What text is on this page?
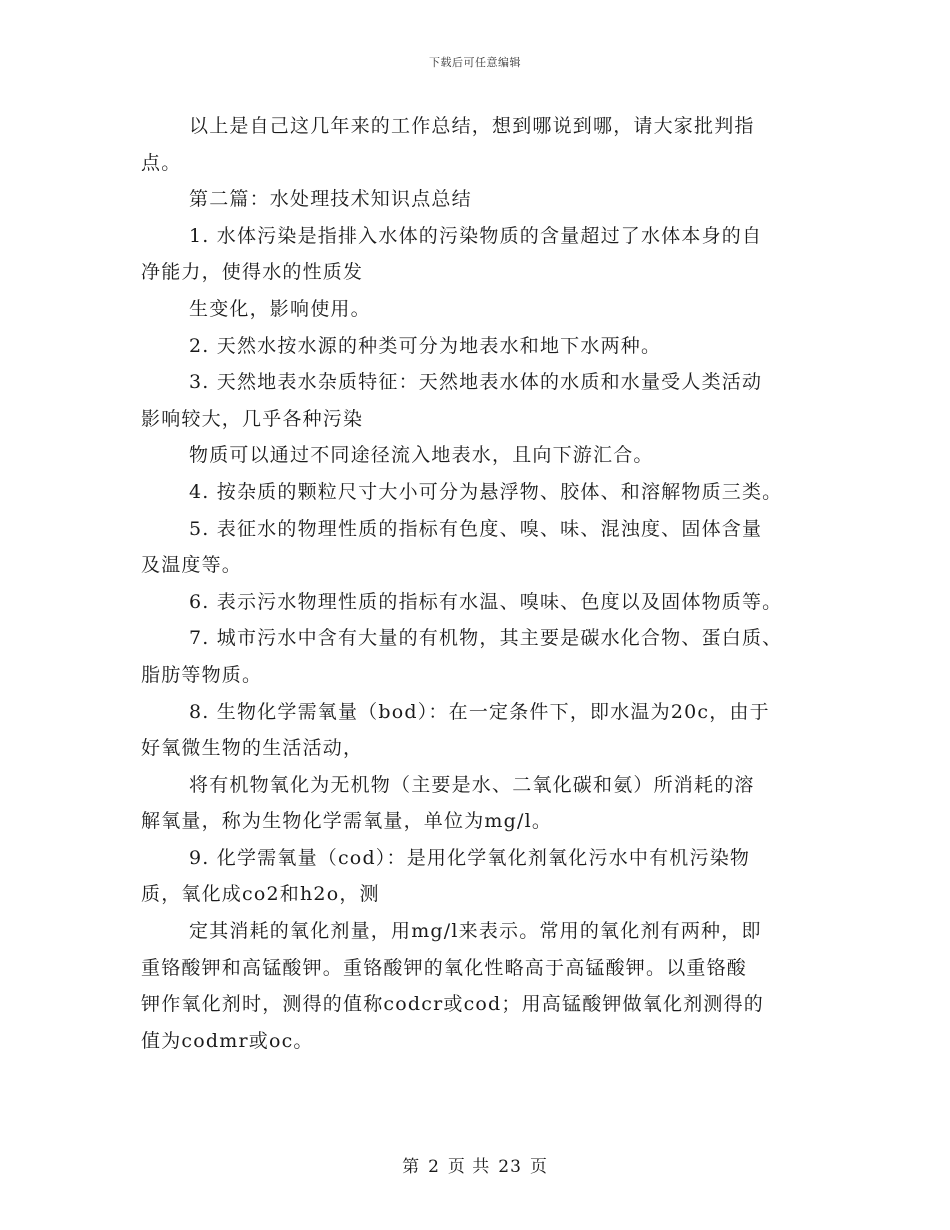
下载后可任意编辑
以上是自己这几年来的工作总结，想到哪说到哪，请大家批判指
点。
第二篇：水处理技术知识点总结
1. 水体污染是指排入水体的污染物质的含量超过了水体本身的自
净能力，使得水的性质发
生变化，影响使用。
2. 天然水按水源的种类可分为地表水和地下水两种。
3. 天然地表水杂质特征：天然地表水体的水质和水量受人类活动
影响较大，几乎各种污染
物质可以通过不同途径流入地表水，且向下游汇合。
4. 按杂质的颗粒尺寸大小可分为悬浮物、胶体、和溶解物质三类。
5. 表征水的物理性质的指标有色度、嗅、味、混浊度、固体含量
及温度等。
6. 表示污水物理性质的指标有水温、嗅味、色度以及固体物质等。
7. 城市污水中含有大量的有机物，其主要是碳水化合物、蛋白质、
脂肪等物质。
8. 生物化学需氧量（bod）：在一定条件下，即水温为20c，由于
好氧微生物的生活活动，
将有机物氧化为无机物（主要是水、二氧化碳和氨）所消耗的溶
解氧量，称为生物化学需氧量，单位为mg/l。
9. 化学需氧量（cod）：是用化学氧化剂氧化污水中有机污染物
质，氧化成co2和h2o，测
定其消耗的氧化剂量，用mg/l来表示。常用的氧化剂有两种，即
重铬酸钾和高锰酸钾。重铬酸钾的氧化性略高于高锰酸钾。以重铬酸
钾作氧化剂时，测得的值称codcr或cod；用高锰酸钾做氧化剂测得的
值为codmr或oc。
第 2 页 共 23 页
